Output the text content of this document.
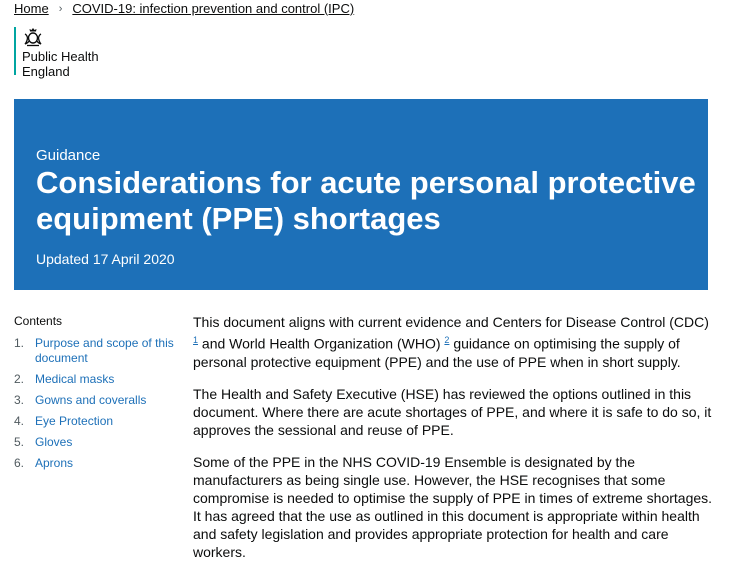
Home › COVID-19: infection prevention and control (IPC)
Public Health
England
Guidance
Considerations for acute personal protective equipment (PPE) shortages
Updated 17 April 2020
Contents
1. Purpose and scope of this document
2. Medical masks
3. Gowns and coveralls
4. Eye Protection
5. Gloves
6. Aprons

This document aligns with current evidence and Centers for Disease Control (CDC) $^1$ and World Health Organization (WHO) $^2$ guidance on optimising the supply of personal protective equipment (PPE) and the use of PPE when in short supply.

The Health and Safety Executive (HSE) has reviewed the options outlined in this document. Where there are acute shortages of PPE, and where it is safe to do so, it approves the sessional and reuse of PPE.

Some of the PPE in the NHS COVID-19 Ensemble is designated by the manufacturers as being single use. However, the HSE recognises that some compromise is needed to optimise the supply of PPE in times of extreme shortages. It has agreed that the use as outlined in this document is appropriate within health and safety legislation and provides appropriate protection for health and care workers.
